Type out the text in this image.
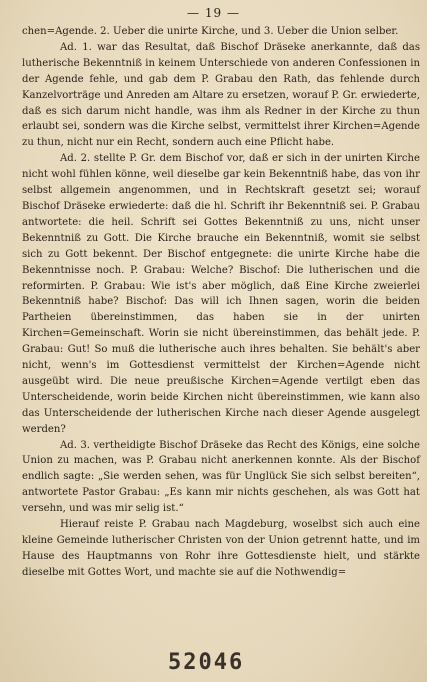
— 19 —

chen=Agende. 2. Ueber die unirte Kirche, und 3. Ueber die Union selber.

Ad. 1. war das Resultat, daß Bischof Dräseke anerkannte, daß das lutherische Bekenntniß in keinem Unterschiede von anderen Confessionen in der Agende fehle, und gab dem P. Grabau den Rath, das fehlende durch Kanzelvorträge und Anreden am Altare zu ersetzen, worauf P. Gr. erwiederte, daß es sich darum nicht handle, was ihm als Redner in der Kirche zu thun erlaubt sei, sondern was die Kirche selbst, vermittelst ihrer Kirchen=Agende zu thun, nicht nur ein Recht, sondern auch eine Pflicht habe.

Ad. 2. stellte P. Gr. dem Bischof vor, daß er sich in der unirten Kirche nicht wohl fühlen könne, weil dieselbe gar kein Bekenntniß habe, das von ihr selbst allgemein angenommen, und in Rechtskraft gesetzt sei; worauf Bischof Dräseke erwiederte: daß die hl. Schrift ihr Bekenntniß sei. P. Grabau antwortete: die heil. Schrift sei Gottes Bekenntniß zu uns, nicht unser Bekenntniß zu Gott. Die Kirche brauche ein Bekenntniß, womit sie selbst sich zu Gott bekennt. Der Bischof entgegnete: die unirte Kirche habe die Bekenntnisse noch. P. Grabau: Welche? Bischof: Die lutherischen und die reformirten. P. Grabau: Wie ist's aber möglich, daß Eine Kirche zweierlei Bekenntniß habe? Bischof: Das will ich Ihnen sagen, worin die beiden Partheien übereinstimmen, das haben sie in der unirten Kirchen=Gemeinschaft. Worin sie nicht übereinstimmen, das behält jede. P. Grabau: Gut! So muß die lutherische auch ihres behalten. Sie behält's aber nicht, wenn's im Gottesdienst vermittelst der Kirchen=Agende nicht ausgeübt wird. Die neue preußische Kirchen=Agende vertilgt eben das Unterscheidende, worin beide Kirchen nicht übereinstimmen, wie kann also das Unterscheidende der lutherischen Kirche nach dieser Agende ausgelegt werden?

Ad. 3. vertheidigte Bischof Dräseke das Recht des Königs, eine solche Union zu machen, was P. Grabau nicht anerkennen konnte. Als der Bischof endlich sagte: „Sie werden sehen, was für Unglück Sie sich selbst bereiten“, antwortete Pastor Grabau: „Es kann mir nichts geschehen, als was Gott hat versehn, und was mir selig ist.“

Hierauf reiste P. Grabau nach Magdeburg, woselbst sich auch eine kleine Gemeinde lutherischer Christen von der Union getrennt hatte, und im Hause des Hauptmanns von Rohr ihre Gottesdienste hielt, und stärkte dieselbe mit Gottes Wort, und machte sie auf die Nothwendig=

52046
